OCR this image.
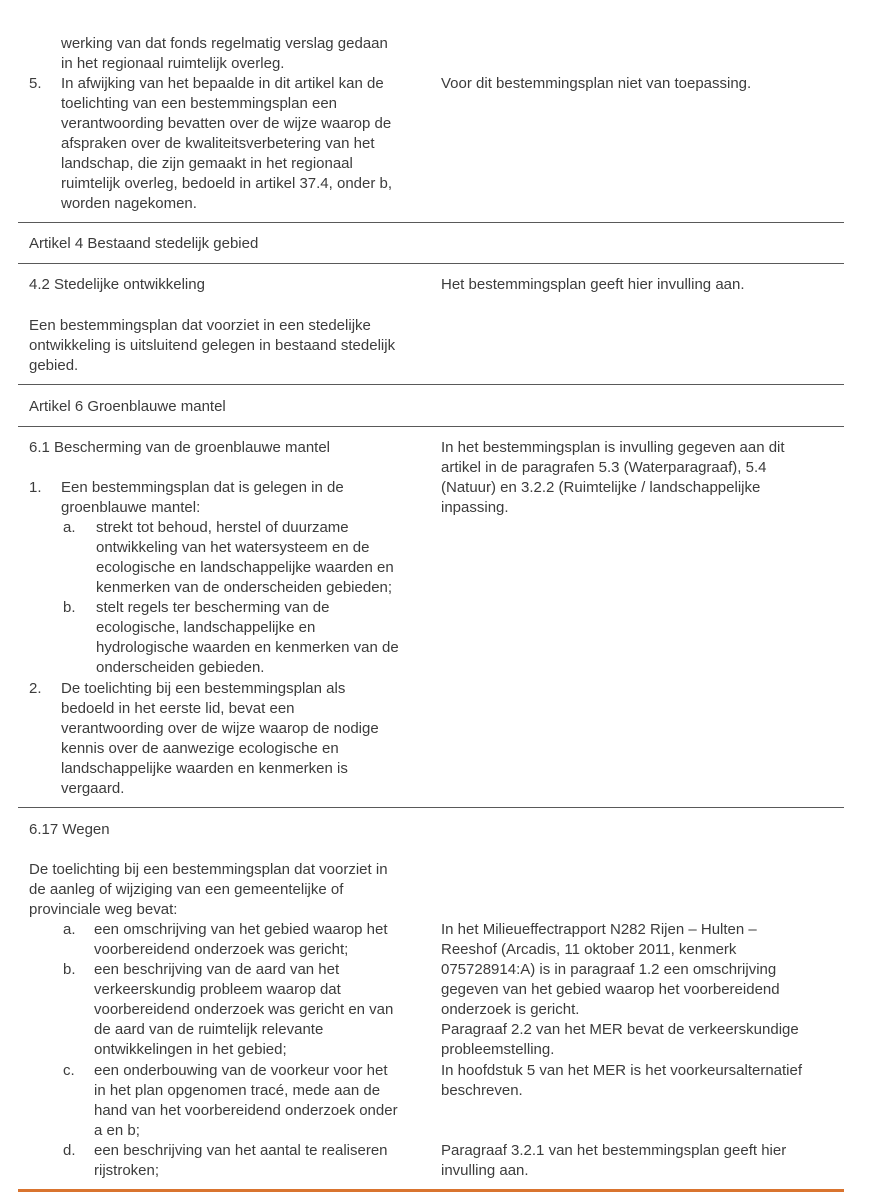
werking van dat fonds regelmatig verslag gedaan
in het regionaal ruimtelijk overleg.
5. In afwijking van het bepaalde in dit artikel kan de
toelichting van een bestemmingsplan een
verantwoording bevatten over de wijze waarop de
afspraken over de kwaliteitsverbetering van het
landschap, die zijn gemaakt in het regionaal
ruimtelijk overleg, bedoeld in artikel 37.4, onder b,
worden nagekomen.
Voor dit bestemmingsplan niet van toepassing.
Artikel 4 Bestaand stedelijk gebied
4.2 Stedelijke ontwikkeling	Het bestemmingsplan geeft hier invulling aan.
Een bestemmingsplan dat voorziet in een stedelijke
ontwikkeling is uitsluitend gelegen in bestaand stedelijk
gebied.
Artikel 6 Groenblauwe mantel
6.1 Bescherming van de groenblauwe mantel	In het bestemmingsplan is invulling gegeven aan dit
artikel in de paragrafen 5.3 (Waterparagraaf), 5.4
(Natuur) en 3.2.2 (Ruimtelijke / landschappelijke
inpassing.
1. Een bestemmingsplan dat is gelegen in de
groenblauwe mantel:
a. strekt tot behoud, herstel of duurzame
ontwikkeling van het watersysteem en de
ecologische en landschappelijke waarden en
kenmerken van de onderscheiden gebieden;
b. stelt regels ter bescherming van de
ecologische, landschappelijke en
hydrologische waarden en kenmerken van de
onderscheiden gebieden.
2. De toelichting bij een bestemmingsplan als
bedoeld in het eerste lid, bevat een
verantwoording over de wijze waarop de nodige
kennis over de aanwezige ecologische en
landschappelijke waarden en kenmerken is
vergaard.
6.17 Wegen
De toelichting bij een bestemmingsplan dat voorziet in
de aanleg of wijziging van een gemeentelijke of
provinciale weg bevat:
a. een omschrijving van het gebied waarop het
voorbereidend onderzoek was gericht;
b. een beschrijving van de aard van het
verkeerskundig probleem waarop dat
voorbereidend onderzoek was gericht en van
de aard van de ruimtelijk relevante
ontwikkelingen in het gebied;
c. een onderbouwing van de voorkeur voor het
in het plan opgenomen tracé, mede aan de
hand van het voorbereidend onderzoek onder
a en b;
d. een beschrijving van het aantal te realiseren
rijstroken;
In het Milieueffectrapport N282 Rijen – Hulten –
Reeshof (Arcadis, 11 oktober 2011, kenmerk
075728914:A) is in paragraaf 1.2 een omschrijving
gegeven van het gebied waarop het voorbereidend
onderzoek is gericht.
Paragraaf 2.2 van het MER bevat de verkeerskundige
probleemstelling.
In hoofdstuk 5 van het MER is het voorkeursalternatief
beschreven.
Paragraaf 3.2.1 van het bestemmingsplan geeft hier
invulling aan.
